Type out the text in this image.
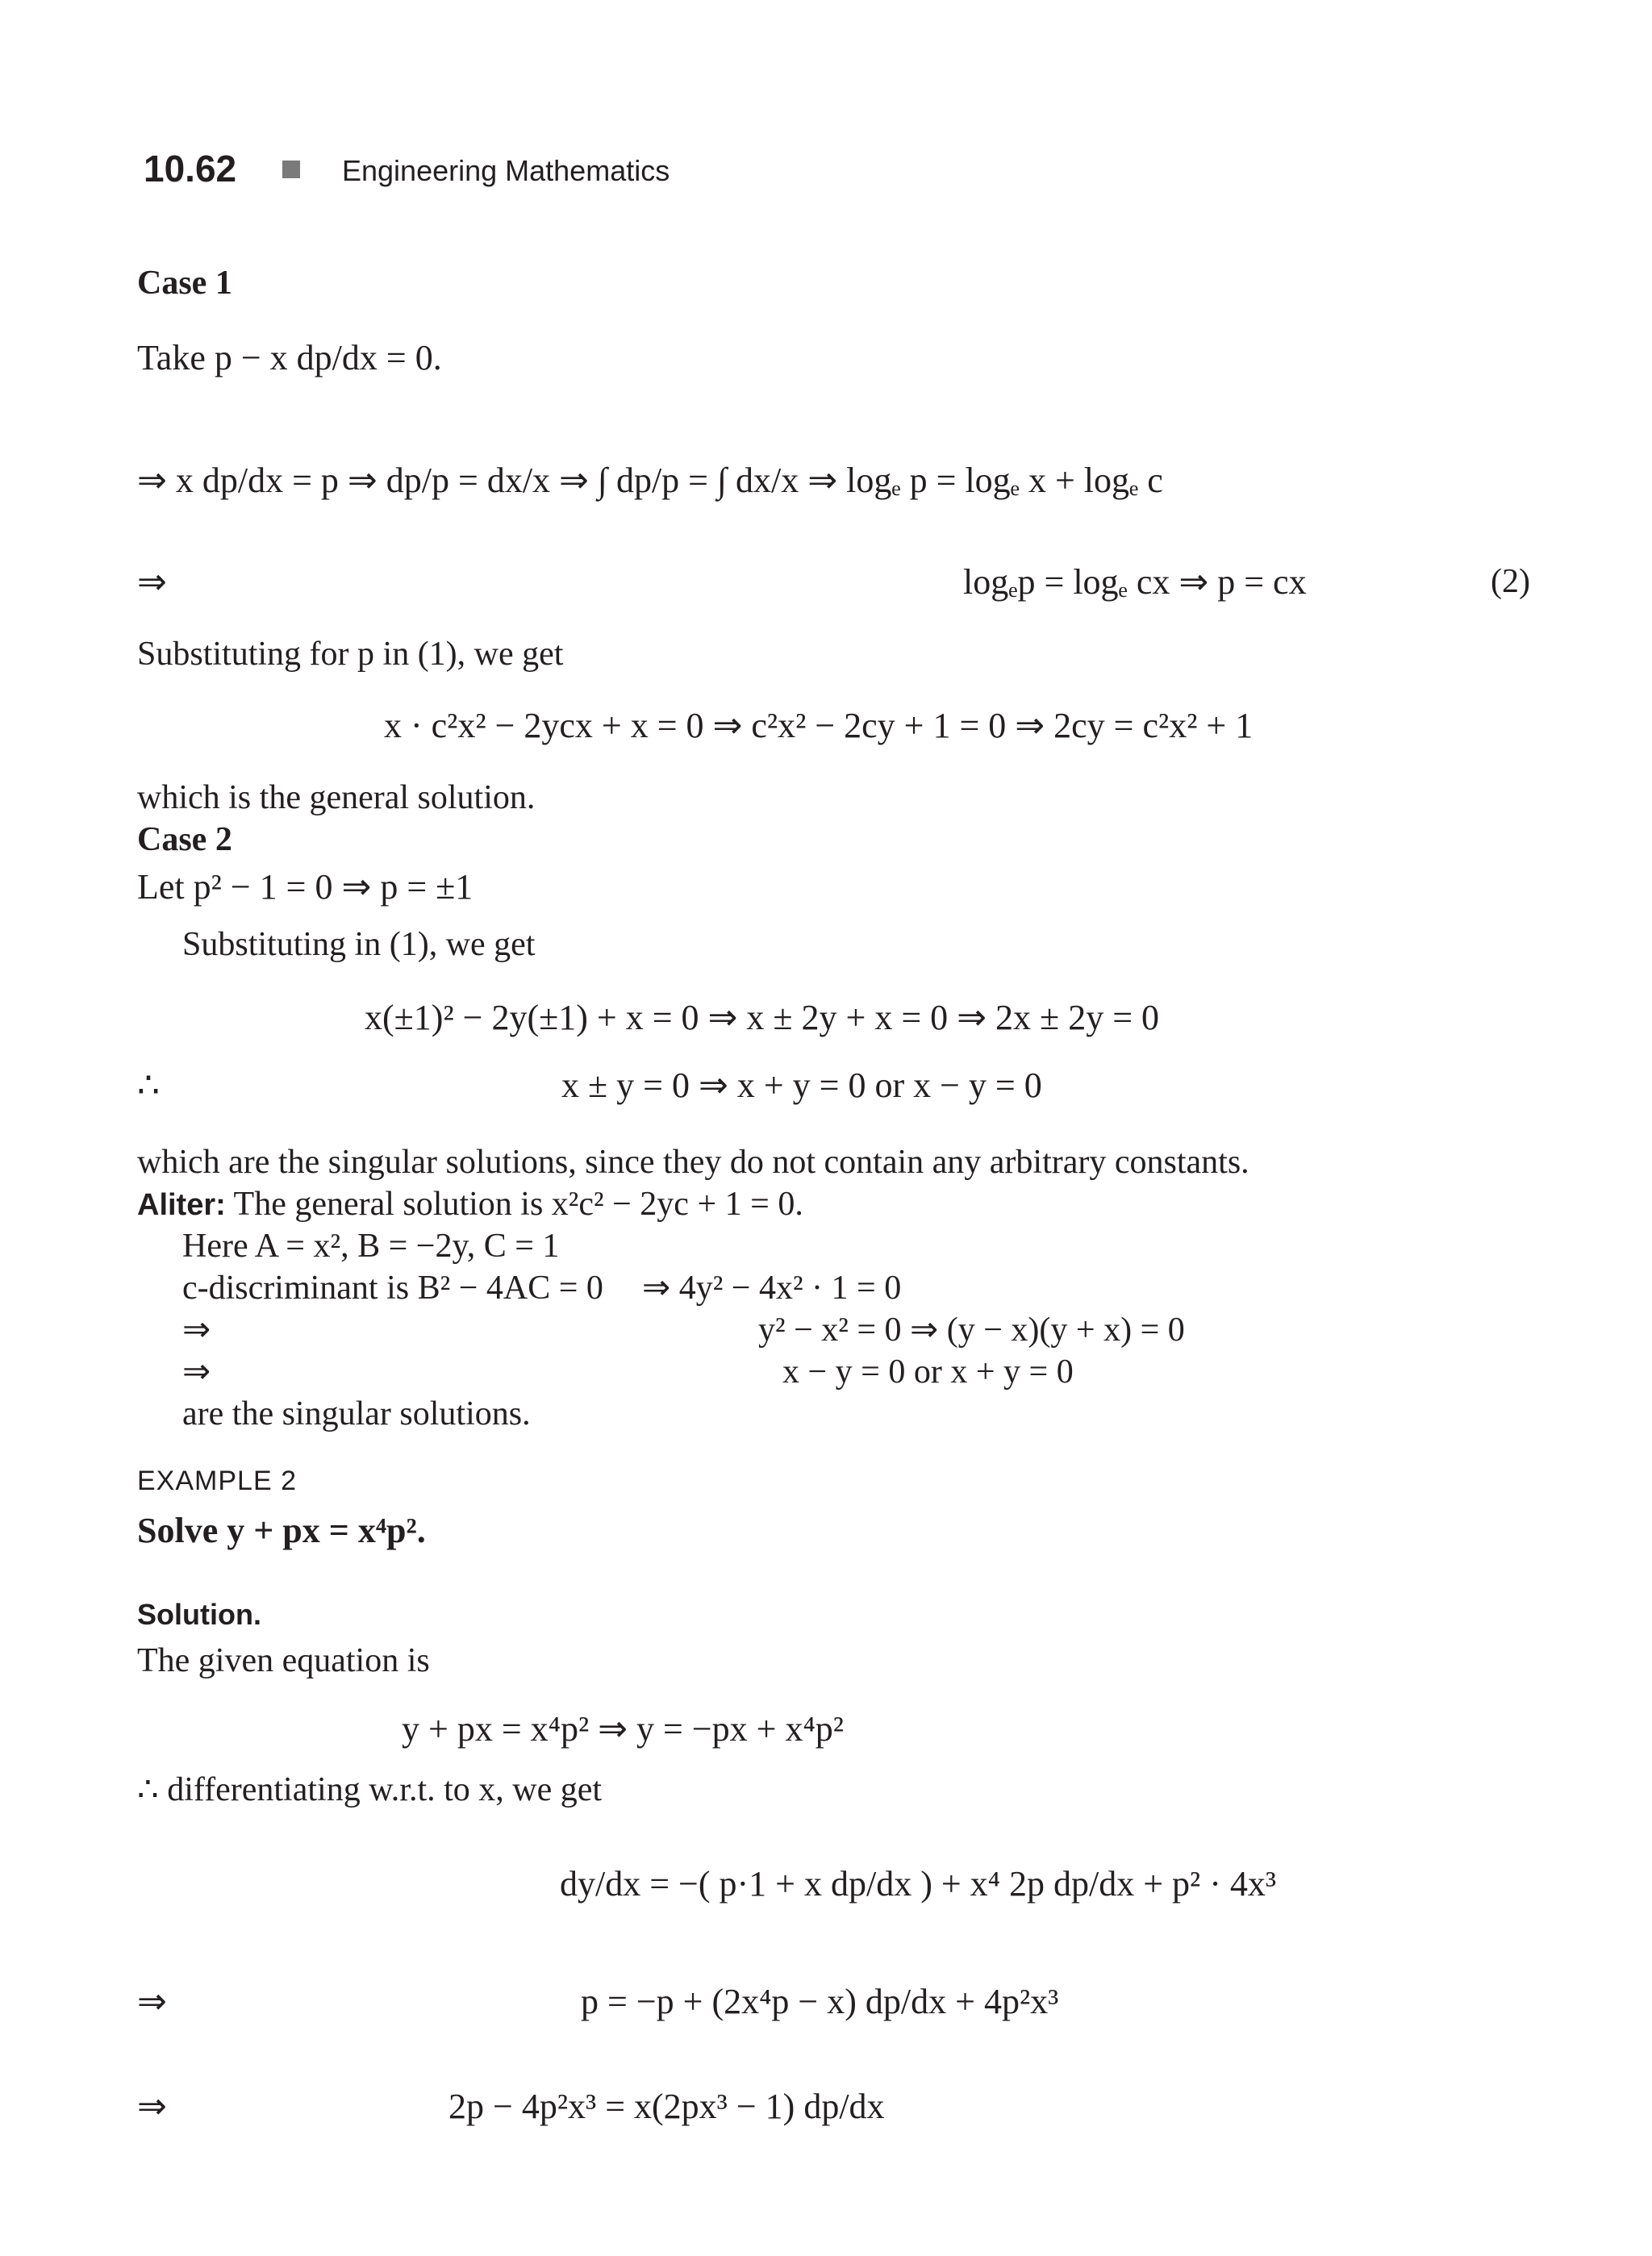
10.62	Engineering Mathematics
Case 1
Take p − x dp/dx = 0.
⇒ x dp/dx = p ⇒ dp/p = dx/x ⇒ ∫ dp/p = ∫ dx/x ⇒ logₑ p = logₑ x + logₑ c
⇒	logₑp = logₑ cx ⇒ p = cx	(2)
Substituting for p in (1), we get
x · c²x² − 2ycx + x = 0 ⇒ c²x² − 2cy + 1 = 0 ⇒ 2cy = c²x² + 1
which is the general solution.
Case 2
Let p² − 1 = 0 ⇒ p = ±1
Substituting in (1), we get
x(±1)² − 2y(±1) + x = 0 ⇒ x ± 2y + x = 0 ⇒ 2x ± 2y = 0
∴	x ± y = 0 ⇒ x + y = 0 or x − y = 0
which are the singular solutions, since they do not contain any arbitrary constants.
Aliter: The general solution is x²c² − 2yc + 1 = 0.
Here A = x², B = −2y, C = 1
c-discriminant is B² − 4AC = 0 ⇒ 4y² − 4x² · 1 = 0
⇒	y² − x² = 0 ⇒ (y − x)(y + x) = 0
⇒	x − y = 0 or x + y = 0
are the singular solutions.
EXAMPLE 2
Solve y + px = x⁴p².
Solution.
The given equation is
y + px = x⁴p² ⇒ y = −px + x⁴p²
∴ differentiating w.r.t. to x, we get
dy/dx = −( p·1 + x dp/dx ) + x⁴ 2p dp/dx + p² · 4x³
⇒	p = −p + (2x⁴p − x) dp/dx + 4p²x³
⇒	2p − 4p²x³ = x(2px³ − 1) dp/dx
